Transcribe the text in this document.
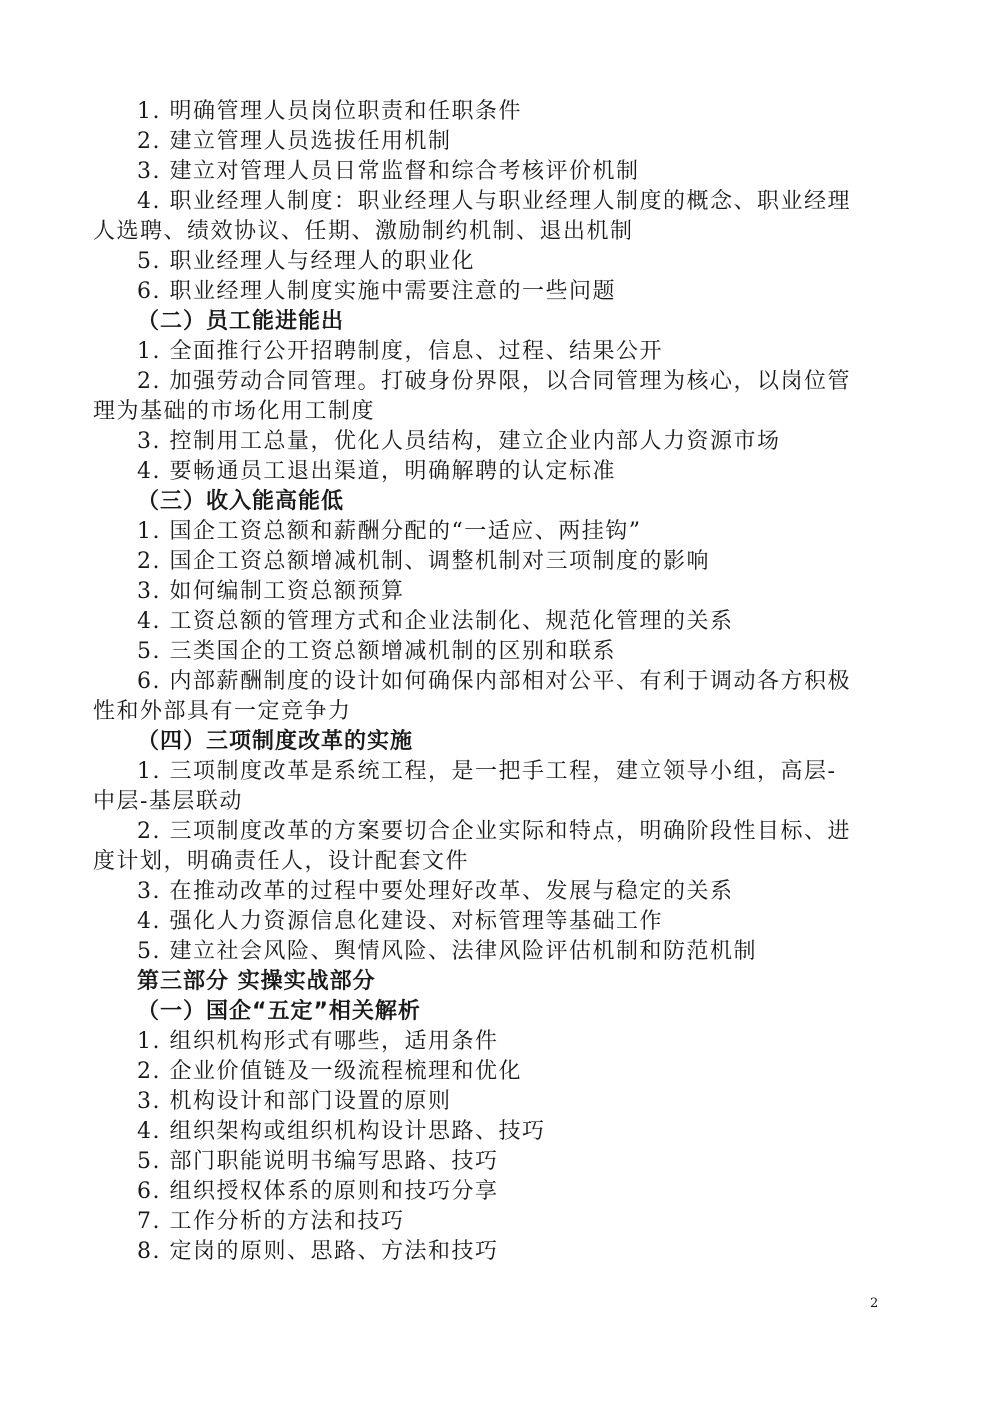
1. 明确管理人员岗位职责和任职条件
2. 建立管理人员选拔任用机制
3. 建立对管理人员日常监督和综合考核评价机制
4. 职业经理人制度：职业经理人与职业经理人制度的概念、职业经理
人选聘、绩效协议、任期、激励制约机制、退出机制
5. 职业经理人与经理人的职业化
6. 职业经理人制度实施中需要注意的一些问题
（二）员工能进能出
1. 全面推行公开招聘制度，信息、过程、结果公开
2. 加强劳动合同管理。打破身份界限，以合同管理为核心，以岗位管
理为基础的市场化用工制度
3. 控制用工总量，优化人员结构，建立企业内部人力资源市场
4. 要畅通员工退出渠道，明确解聘的认定标准
（三）收入能高能低
1. 国企工资总额和薪酬分配的“一适应、两挂钩”
2. 国企工资总额增减机制、调整机制对三项制度的影响
3. 如何编制工资总额预算
4. 工资总额的管理方式和企业法制化、规范化管理的关系
5. 三类国企的工资总额增减机制的区别和联系
6. 内部薪酬制度的设计如何确保内部相对公平、有利于调动各方积极
性和外部具有一定竞争力
（四）三项制度改革的实施
1. 三项制度改革是系统工程，是一把手工程，建立领导小组，高层-
中层-基层联动
2. 三项制度改革的方案要切合企业实际和特点，明确阶段性目标、进
度计划，明确责任人，设计配套文件
3. 在推动改革的过程中要处理好改革、发展与稳定的关系
4. 强化人力资源信息化建设、对标管理等基础工作
5. 建立社会风险、舆情风险、法律风险评估机制和防范机制
第三部分 实操实战部分
（一）国企“五定”相关解析
1. 组织机构形式有哪些，适用条件
2. 企业价值链及一级流程梳理和优化
3. 机构设计和部门设置的原则
4. 组织架构或组织机构设计思路、技巧
5. 部门职能说明书编写思路、技巧
6. 组织授权体系的原则和技巧分享
7. 工作分析的方法和技巧
8. 定岗的原则、思路、方法和技巧
2
